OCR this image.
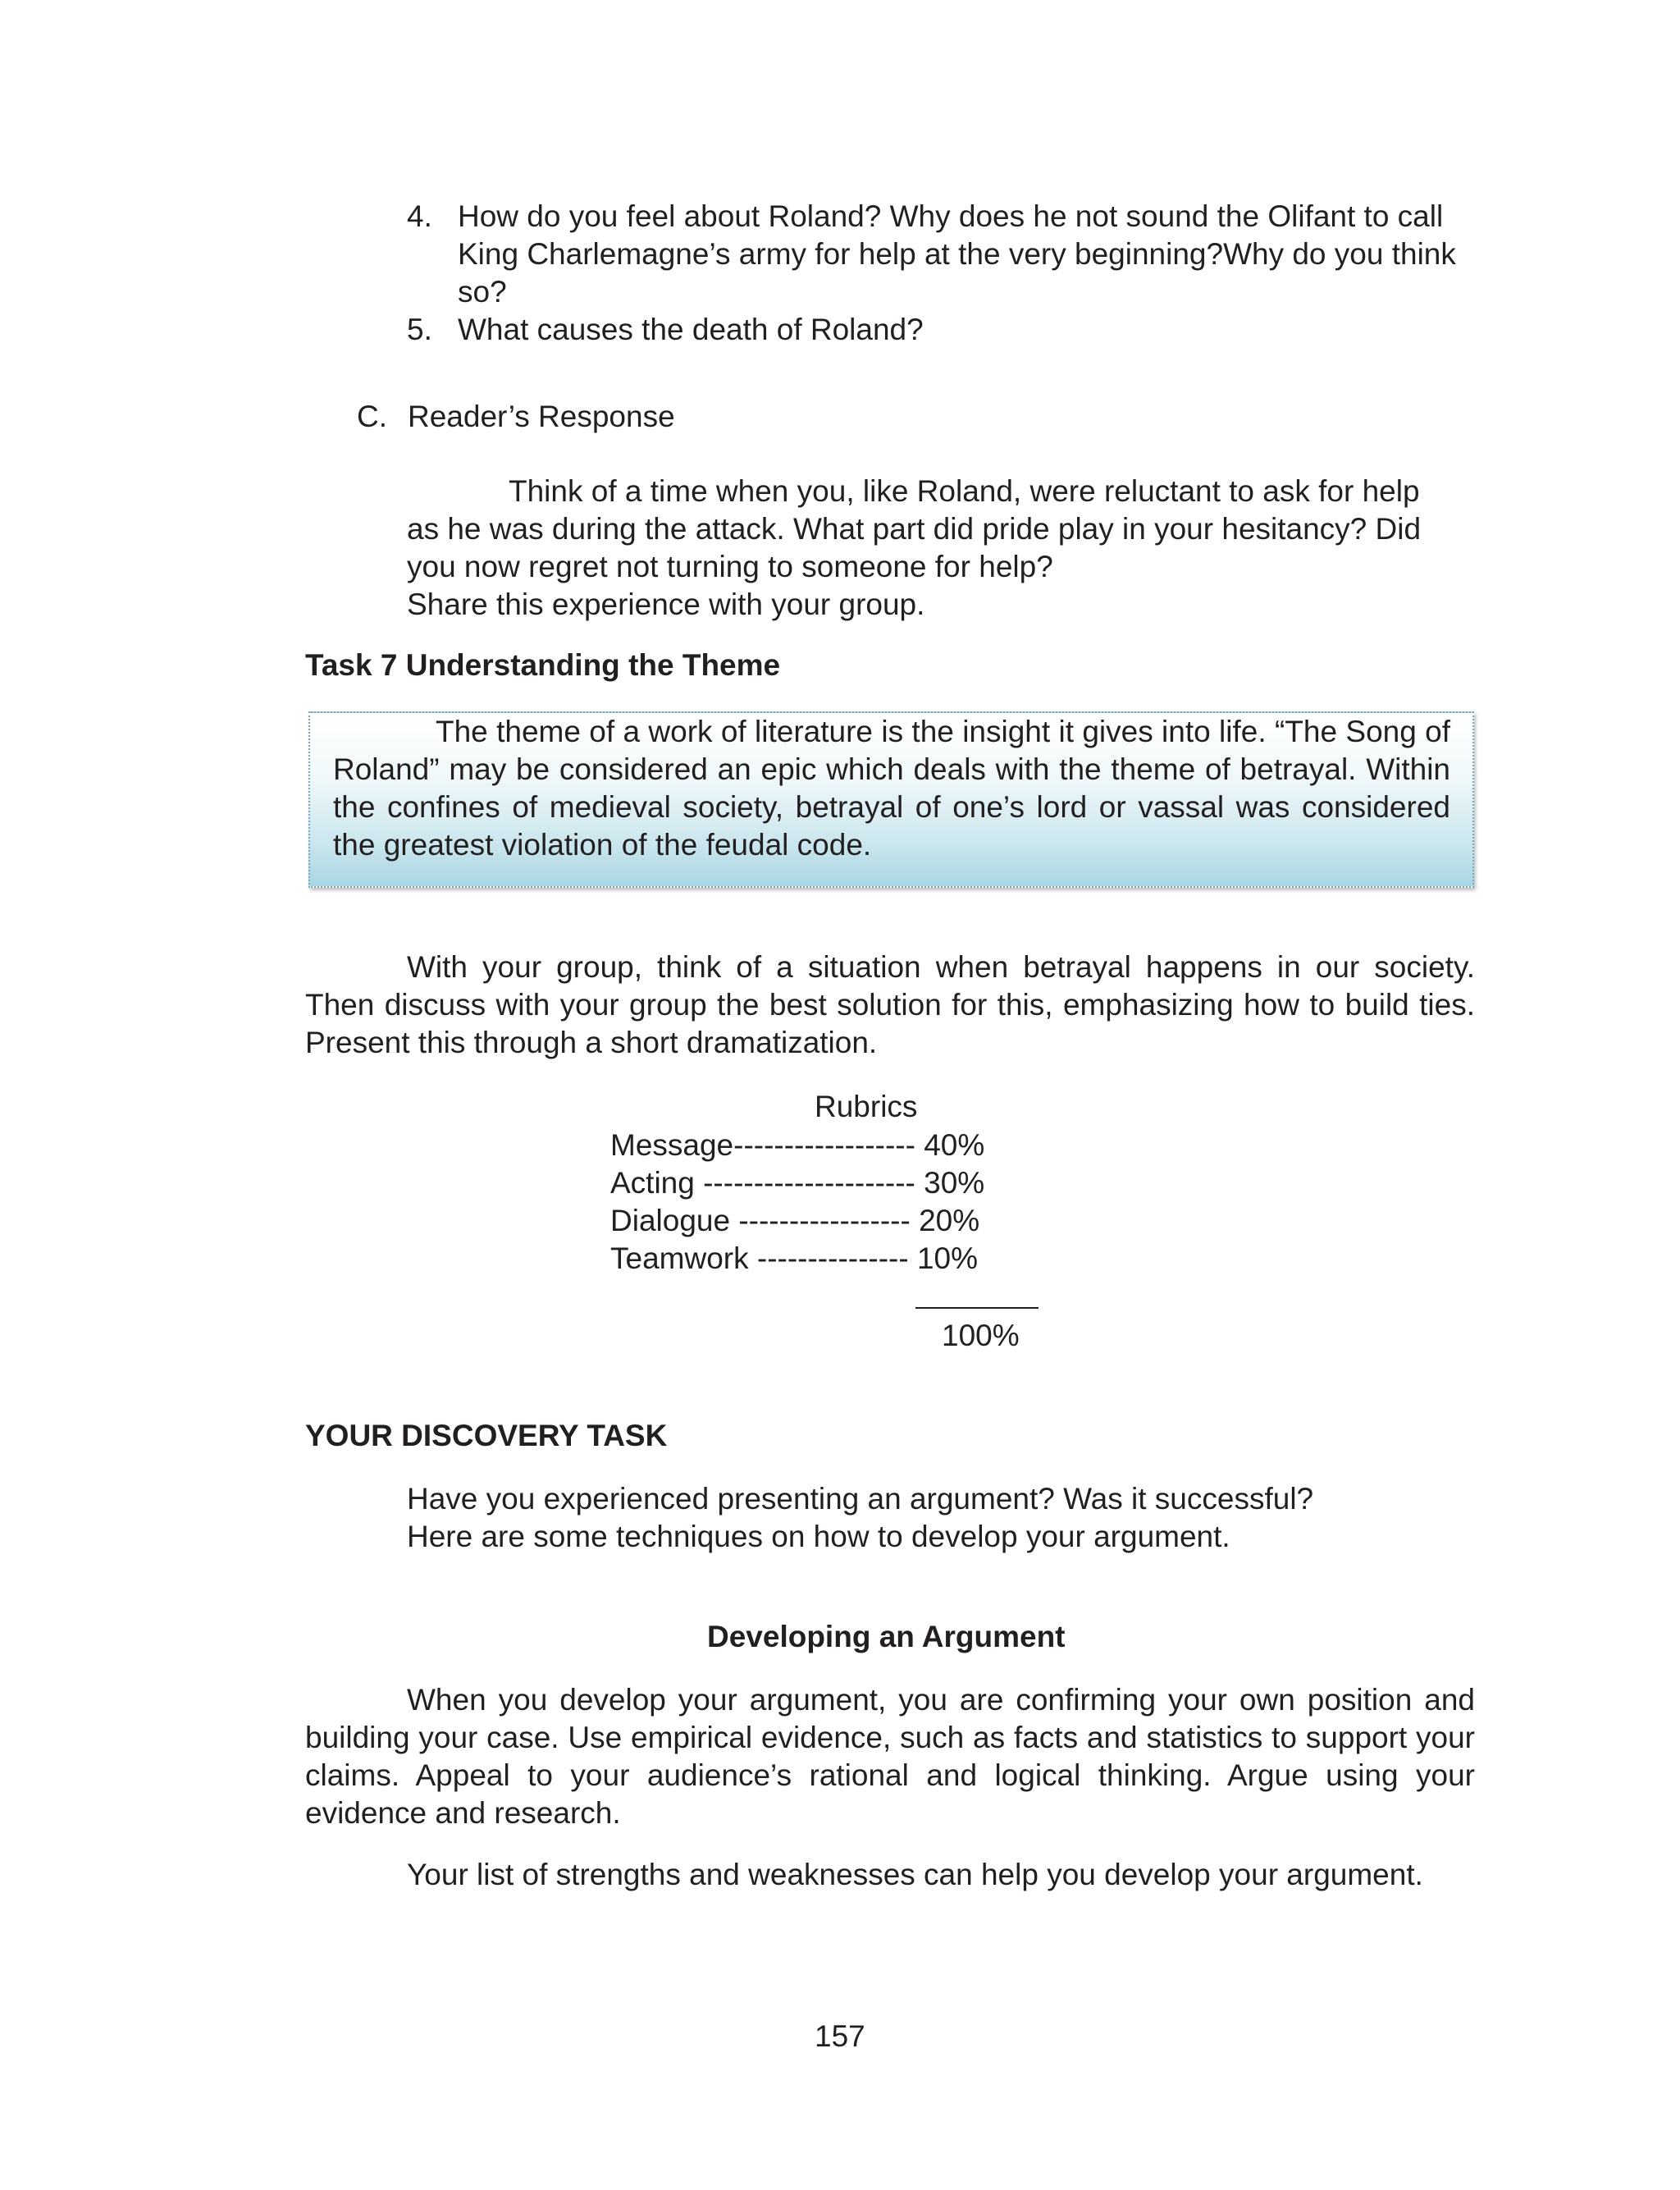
4. How do you feel about Roland? Why does he not sound the Olifant to call
King Charlemagne’s army for help at the very beginning?Why do you think
so?
5. What causes the death of Roland?
C. Reader’s Response
Think of a time when you, like Roland, were reluctant to ask for help
as he was during the attack. What part did pride play in your hesitancy? Did
you now regret not turning to someone for help?
Share this experience with your group.
Task 7 Understanding the Theme
The theme of a work of literature is the insight it gives into life. “The Song of Roland” may be considered an epic which deals with the theme of betrayal. Within the confines of medieval society, betrayal of one’s lord or vassal was considered the greatest violation of the feudal code.
With your group, think of a situation when betrayal happens in our society. Then discuss with your group the best solution for this, emphasizing how to build ties. Present this through a short dramatization.
Rubrics
Message------------------ 40%
Acting --------------------- 30%
Dialogue ----------------- 20%
Teamwork --------------- 10%
100%
YOUR DISCOVERY TASK
Have you experienced presenting an argument? Was it successful?
Here are some techniques on how to develop your argument.
Developing an Argument
When you develop your argument, you are confirming your own position and building your case. Use empirical evidence, such as facts and statistics to support your claims. Appeal to your audience’s rational and logical thinking. Argue using your evidence and research.
Your list of strengths and weaknesses can help you develop your argument.
157
